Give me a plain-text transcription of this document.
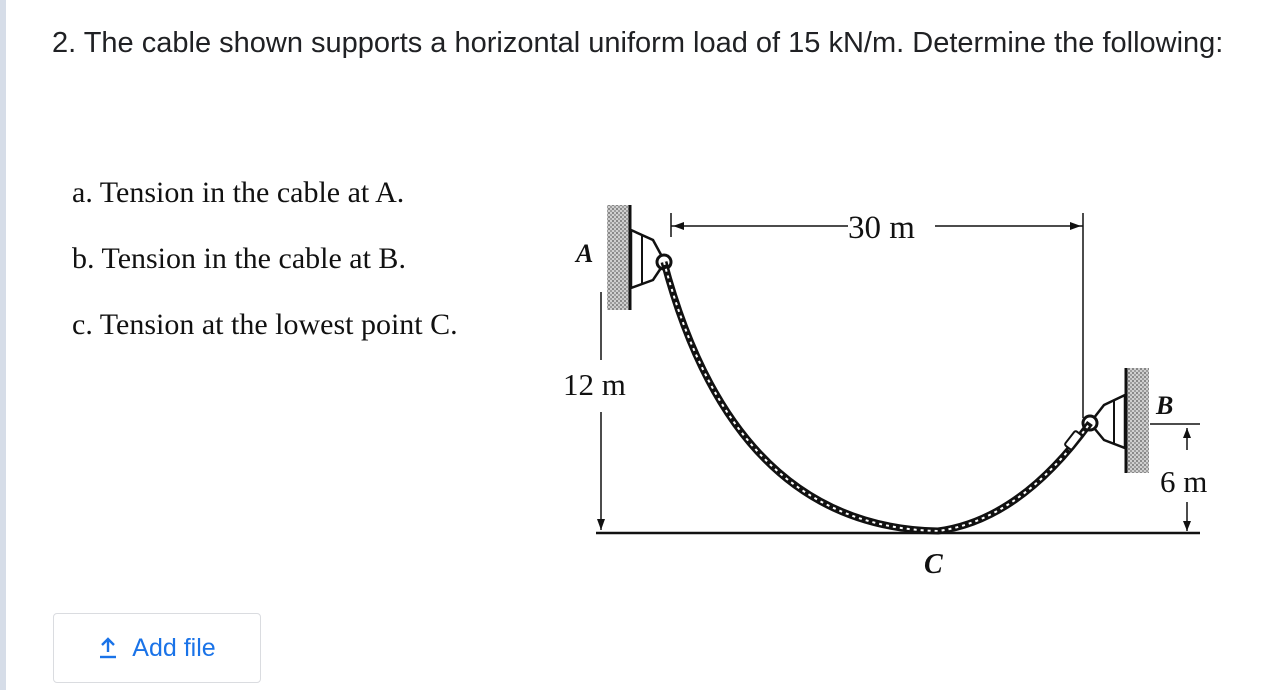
2. The cable shown supports a horizontal uniform load of 15 kN/m. Determine the following:
a. Tension in the cable at A.
b. Tension in the cable at B.
c. Tension at the lowest point C.
30 m
12 m
6 m
A
B
C
Add file
